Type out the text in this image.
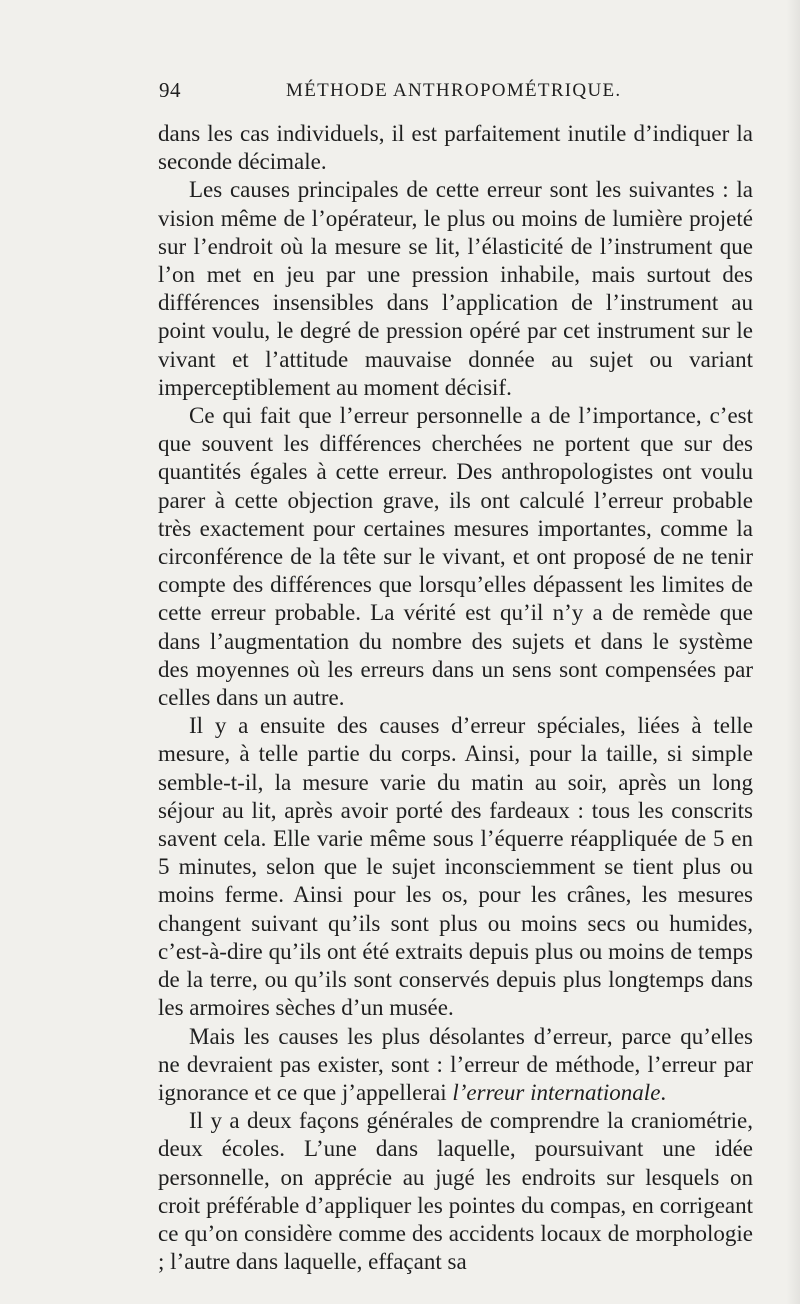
94	MÉTHODE ANTHROPOMÉTRIQUE.

dans les cas individuels, il est parfaitement inutile d’indiquer la seconde décimale.

Les causes principales de cette erreur sont les suivantes : la vision même de l’opérateur, le plus ou moins de lumière projeté sur l’endroit où la mesure se lit, l’élasticité de l’instrument que l’on met en jeu par une pression inhabile, mais surtout des différences insensibles dans l’application de l’instrument au point voulu, le degré de pression opéré par cet instrument sur le vivant et l’attitude mauvaise donnée au sujet ou variant imperceptiblement au moment décisif.

Ce qui fait que l’erreur personnelle a de l’importance, c’est que souvent les différences cherchées ne portent que sur des quantités égales à cette erreur. Des anthropologistes ont voulu parer à cette objection grave, ils ont calculé l’erreur probable très exactement pour certaines mesures importantes, comme la circonférence de la tête sur le vivant, et ont proposé de ne tenir compte des différences que lorsqu’elles dépassent les limites de cette erreur probable. La vérité est qu’il n’y a de remède que dans l’augmentation du nombre des sujets et dans le système des moyennes où les erreurs dans un sens sont compensées par celles dans un autre.

Il y a ensuite des causes d’erreur spéciales, liées à telle mesure, à telle partie du corps. Ainsi, pour la taille, si simple semble-t-il, la mesure varie du matin au soir, après un long séjour au lit, après avoir porté des fardeaux : tous les conscrits savent cela. Elle varie même sous l’équerre réappliquée de 5 en 5 minutes, selon que le sujet inconsciemment se tient plus ou moins ferme. Ainsi pour les os, pour les crânes, les mesures changent suivant qu’ils sont plus ou moins secs ou humides, c’est-à-dire qu’ils ont été extraits depuis plus ou moins de temps de la terre, ou qu’ils sont conservés depuis plus longtemps dans les armoires sèches d’un musée.

Mais les causes les plus désolantes d’erreur, parce qu’elles ne devraient pas exister, sont : l’erreur de méthode, l’erreur par ignorance et ce que j’appellerai l’erreur internationale.

Il y a deux façons générales de comprendre la craniométrie, deux écoles. L’une dans laquelle, poursuivant une idée personnelle, on apprécie au jugé les endroits sur lesquels on croit préférable d’appliquer les pointes du compas, en corrigeant ce qu’on considère comme des accidents locaux de morphologie ; l’autre dans laquelle, effaçant sa
